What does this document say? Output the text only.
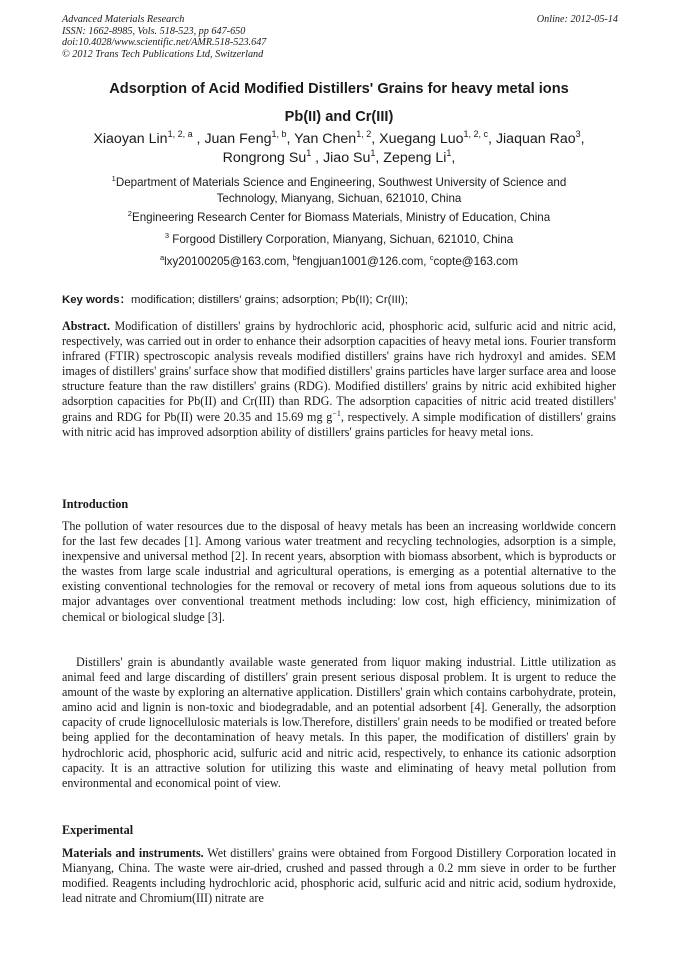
Advanced Materials Research
ISSN: 1662-8985, Vols. 518-523, pp 647-650
doi:10.4028/www.scientific.net/AMR.518-523.647
© 2012 Trans Tech Publications Ltd, Switzerland
Online: 2012-05-14
Adsorption of Acid Modified Distillers' Grains for heavy metal ions
Pb(II) and Cr(III)
Xiaoyan Lin$^{1, 2, a}$ , Juan Feng$^{1, b}$, Yan Chen$^{1, 2}$, Xuegang Luo$^{1, 2, c}$, Jiaquan Rao$^3$,
Rongrong Su$^1$ , Jiao Su$^1$, Zepeng Li$^1$,
$^1$Department of Materials Science and Engineering, Southwest University of Science and
Technology, Mianyang, Sichuan, 621010, China
$^2$Engineering Research Center for Biomass Materials, Ministry of Education, China
$^3$ Forgood Distillery Corporation, Mianyang, Sichuan, 621010, China
$^a$lxy20100205@163.com, $^b$fengjuan1001@126.com, $^c$copte@163.com
Key words：modification; distillers' grains; adsorption; Pb(II); Cr(III);

Abstract. Modification of distillers' grains by hydrochloric acid, phosphoric acid, sulfuric acid and nitric acid, respectively, was carried out in order to enhance their adsorption capacities of heavy metal ions. Fourier transform infrared (FTIR) spectroscopic analysis reveals modified distillers' grains have rich hydroxyl and amides. SEM images of distillers' grains' surface show that modified distillers' grains particles have larger surface area and loose structure feature than the raw distillers' grains (RDG). Modified distillers' grains by nitric acid exhibited higher adsorption capacities for Pb(II) and Cr(III) than RDG. The adsorption capacities of nitric acid treated distillers' grains and RDG for Pb(II) were 20.35 and 15.69 mg $g^{-1}$, respectively. A simple modification of distillers' grains with nitric acid has improved adsorption ability of distillers' grains particles for heavy metal ions.

Introduction

The pollution of water resources due to the disposal of heavy metals has been an increasing worldwide concern for the last few decades [1]. Among various water treatment and recycling technologies, adsorption is a simple, inexpensive and universal method [2]. In recent years, absorption with biomass absorbent, which is byproducts or the wastes from large scale industrial and agricultural operations, is emerging as a potential alternative to the existing conventional technologies for the removal or recovery of metal ions from aqueous solutions due to its major advantages over conventional treatment methods including: low cost, high efficiency, minimization of chemical or biological sludge [3].

Distillers' grain is abundantly available waste generated from liquor making industrial. Little utilization as animal feed and large discarding of distillers' grain present serious disposal problem. It is urgent to reduce the amount of the waste by exploring an alternative application. Distillers' grain which contains carbohydrate, protein, amino acid and lignin is non-toxic and biodegradable, and an potential adsorbent [4]. Generally, the adsorption capacity of crude lignocellulosic materials is low.Therefore, distillers' grain needs to be modified or treated before being applied for the decontamination of heavy metals. In this paper, the modification of distillers' grain by hydrochloric acid, phosphoric acid, sulfuric acid and nitric acid, respectively, to enhance its cationic adsorption capacity. It is an attractive solution for utilizing this waste and eliminating of heavy metal pollution from environmental and economical point of view.

Experimental

Materials and instruments. Wet distillers' grains were obtained from Forgood Distillery Corporation located in Mianyang, China. The waste were air-dried, crushed and passed through a 0.2 mm sieve in order to be further modified. Reagents including hydrochloric acid, phosphoric acid, sulfuric acid and nitric acid, sodium hydroxide, lead nitrate and Chromium(III) nitrate are
